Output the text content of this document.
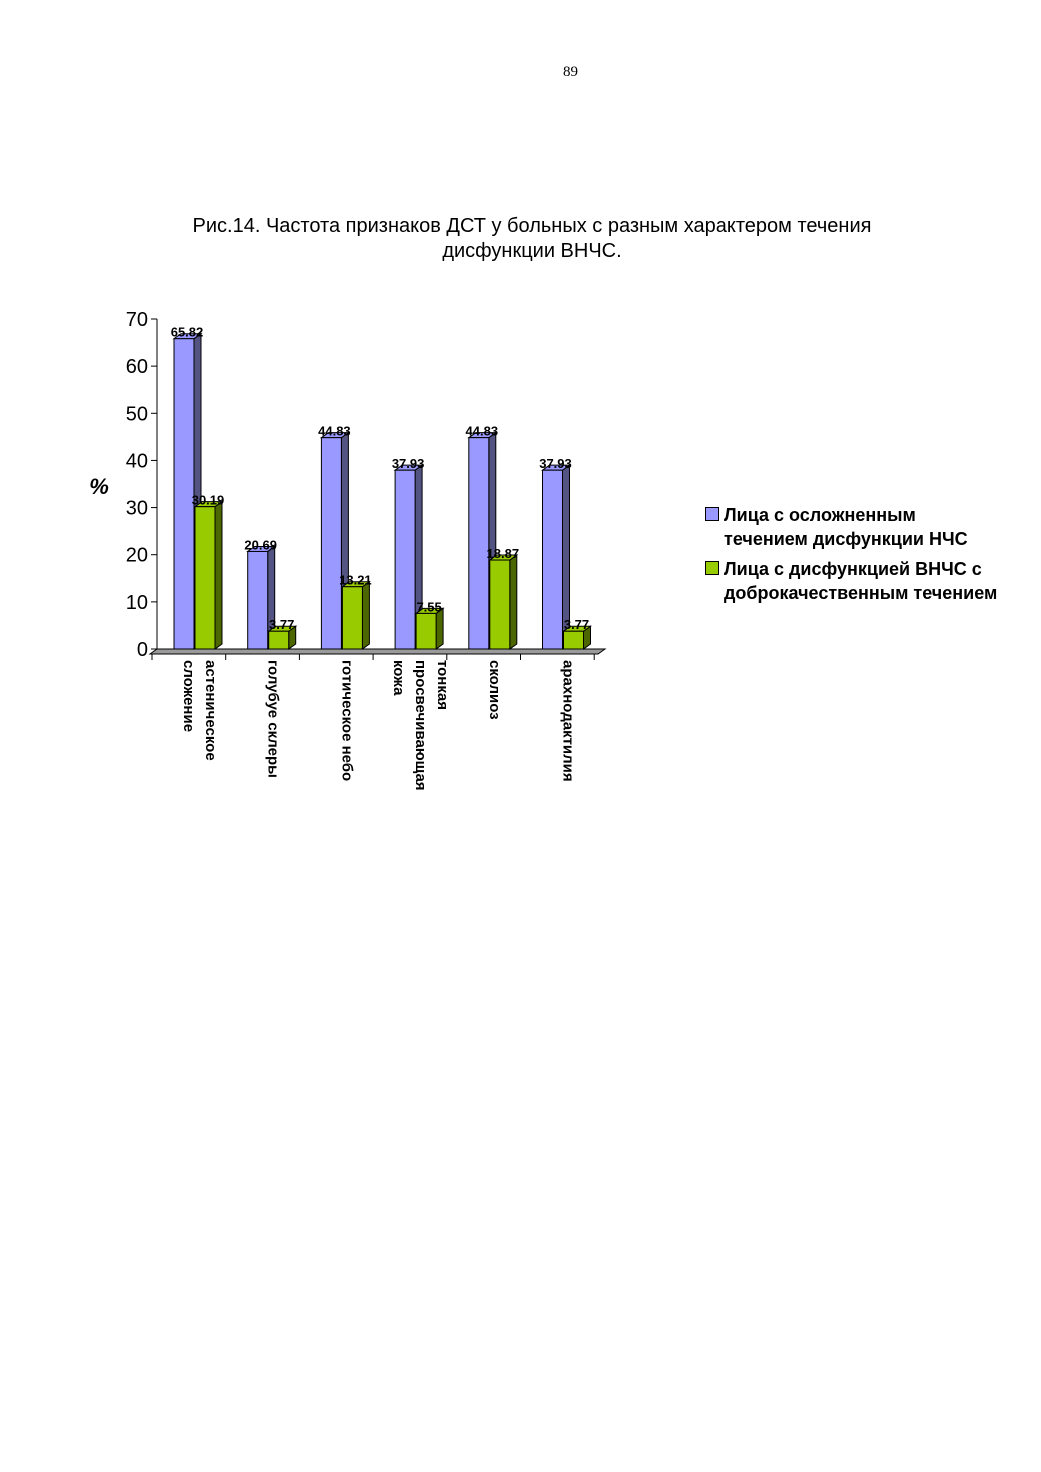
89
Рис.14. Частота признаков ДСТ у больных с разным характером течения
дисфункции ВНЧС.
0
10
20
30
40
50
60
70
%
65.82
30.19
астеническоесложение
20.69
3.77
голубуе склеры
44.83
13.21
готическое небо
37.93
7.55
тонкаяпросвечивающаякожа
44.83
18.87
сколиоз
37.93
3.77
арахнодактилия
Лица с осложненным
течением дисфункции НЧС
Лица с дисфункцией ВНЧС с
доброкачественным течением
